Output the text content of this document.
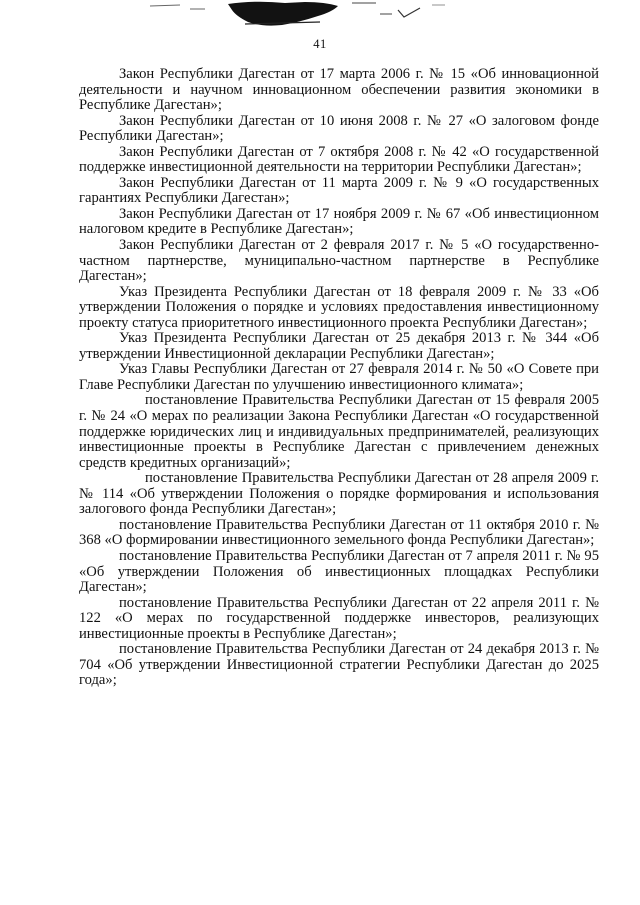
41

Закон Республики Дагестан от 17 марта 2006 г. № 15 «Об инновационной деятельности и научном инновационном обеспечении развития экономики в Республике Дагестан»;

Закон Республики Дагестан от 10 июня 2008 г. № 27 «О залоговом фонде Республики Дагестан»;

Закон Республики Дагестан от 7 октября 2008 г. № 42 «О государственной поддержке инвестиционной деятельности на территории Республики Дагестан»;

Закон Республики Дагестан от 11 марта 2009 г. № 9 «О государственных гарантиях Республики Дагестан»;

Закон Республики Дагестан от 17 ноября 2009 г. № 67 «Об инвестиционном налоговом кредите в Республике Дагестан»;

Закон Республики Дагестан от 2 февраля 2017 г. № 5 «О государственно-частном партнерстве, муниципально-частном партнерстве в Республике Дагестан»;

Указ Президента Республики Дагестан от 18 февраля 2009 г. № 33 «Об утверждении Положения о порядке и условиях предоставления инвестиционному проекту статуса приоритетного инвестиционного проекта Республики Дагестан»;

Указ Президента Республики Дагестан от 25 декабря 2013 г. № 344 «Об утверждении Инвестиционной декларации Республики Дагестан»;

Указ Главы Республики Дагестан от 27 февраля 2014 г. № 50 «О Совете при Главе Республики Дагестан по улучшению инвестиционного климата»;

постановление Правительства Республики Дагестан от 15 февраля 2005 г. № 24 «О мерах по реализации Закона Республики Дагестан «О государственной поддержке юридических лиц и индивидуальных предпринимателей, реализующих инвестиционные проекты в Республике Дагестан с привлечением денежных средств кредитных организаций»;

постановление Правительства Республики Дагестан от 28 апреля 2009 г. № 114 «Об утверждении Положения о порядке формирования и использования залогового фонда Республики Дагестан»;

постановление Правительства Республики Дагестан от 11 октября 2010 г. № 368 «О формировании инвестиционного земельного фонда Республики Дагестан»;

постановление Правительства Республики Дагестан от 7 апреля 2011 г. № 95 «Об утверждении Положения об инвестиционных площадках Республики Дагестан»;

постановление Правительства Республики Дагестан от 22 апреля 2011 г. № 122 «О мерах по государственной поддержке инвесторов, реализующих инвестиционные проекты в Республике Дагестан»;

постановление Правительства Республики Дагестан от 24 декабря 2013 г. № 704 «Об утверждении Инвестиционной стратегии Республики Дагестан до 2025 года»;
